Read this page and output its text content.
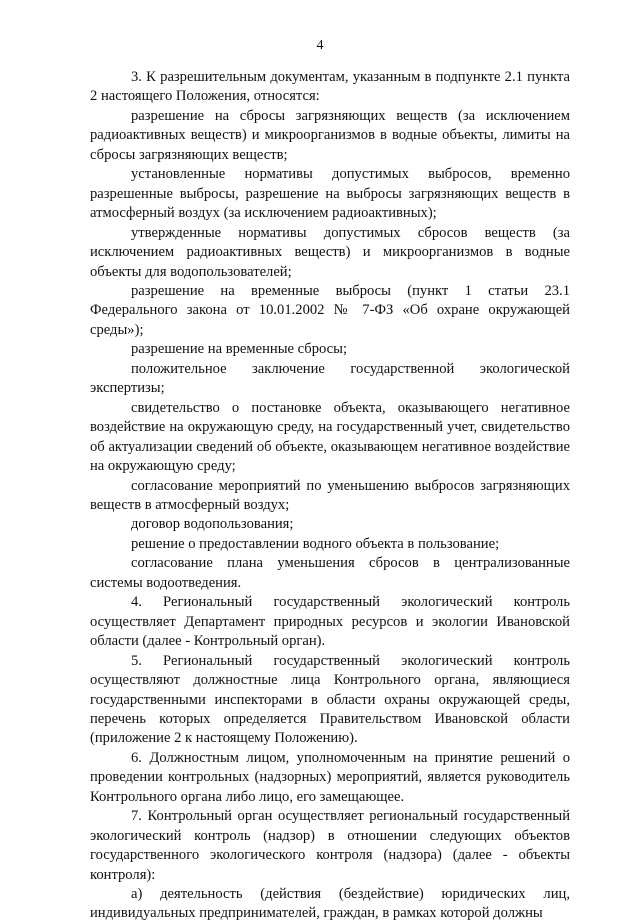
4

3. К разрешительным документам, указанным в подпункте 2.1 пункта 2 настоящего Положения, относятся:

разрешение на сбросы загрязняющих веществ (за исключением радиоактивных веществ) и микроорганизмов в водные объекты, лимиты на сбросы загрязняющих веществ;

установленные нормативы допустимых выбросов, временно разрешенные выбросы, разрешение на выбросы загрязняющих веществ в атмосферный воздух (за исключением радиоактивных);

утвержденные нормативы допустимых сбросов веществ (за исключением радиоактивных веществ) и микроорганизмов в водные объекты для водопользователей;

разрешение на временные выбросы (пункт 1 статьи 23.1 Федерального закона от 10.01.2002 № 7-ФЗ «Об охране окружающей среды»);

разрешение на временные сбросы;

положительное заключение государственной экологической экспертизы;

свидетельство о постановке объекта, оказывающего негативное воздействие на окружающую среду, на государственный учет, свидетельство об актуализации сведений об объекте, оказывающем негативное воздействие на окружающую среду;

согласование мероприятий по уменьшению выбросов загрязняющих веществ в атмосферный воздух;

договор водопользования;

решение о предоставлении водного объекта в пользование;

согласование плана уменьшения сбросов в централизованные системы водоотведения.

4. Региональный государственный экологический контроль осуществляет Департамент природных ресурсов и экологии Ивановской области (далее - Контрольный орган).

5. Региональный государственный экологический контроль осуществляют должностные лица Контрольного органа, являющиеся государственными инспекторами в области охраны окружающей среды, перечень которых определяется Правительством Ивановской области (приложение 2 к настоящему Положению).

6. Должностным лицом, уполномоченным на принятие решений о проведении контрольных (надзорных) мероприятий, является руководитель Контрольного органа либо лицо, его замещающее.

7. Контрольный орган осуществляет региональный государственный экологический контроль (надзор) в отношении следующих объектов государственного экологического контроля (надзора) (далее - объекты контроля):

а) деятельность (действия (бездействие) юридических лиц, индивидуальных предпринимателей, граждан, в рамках которой должны
